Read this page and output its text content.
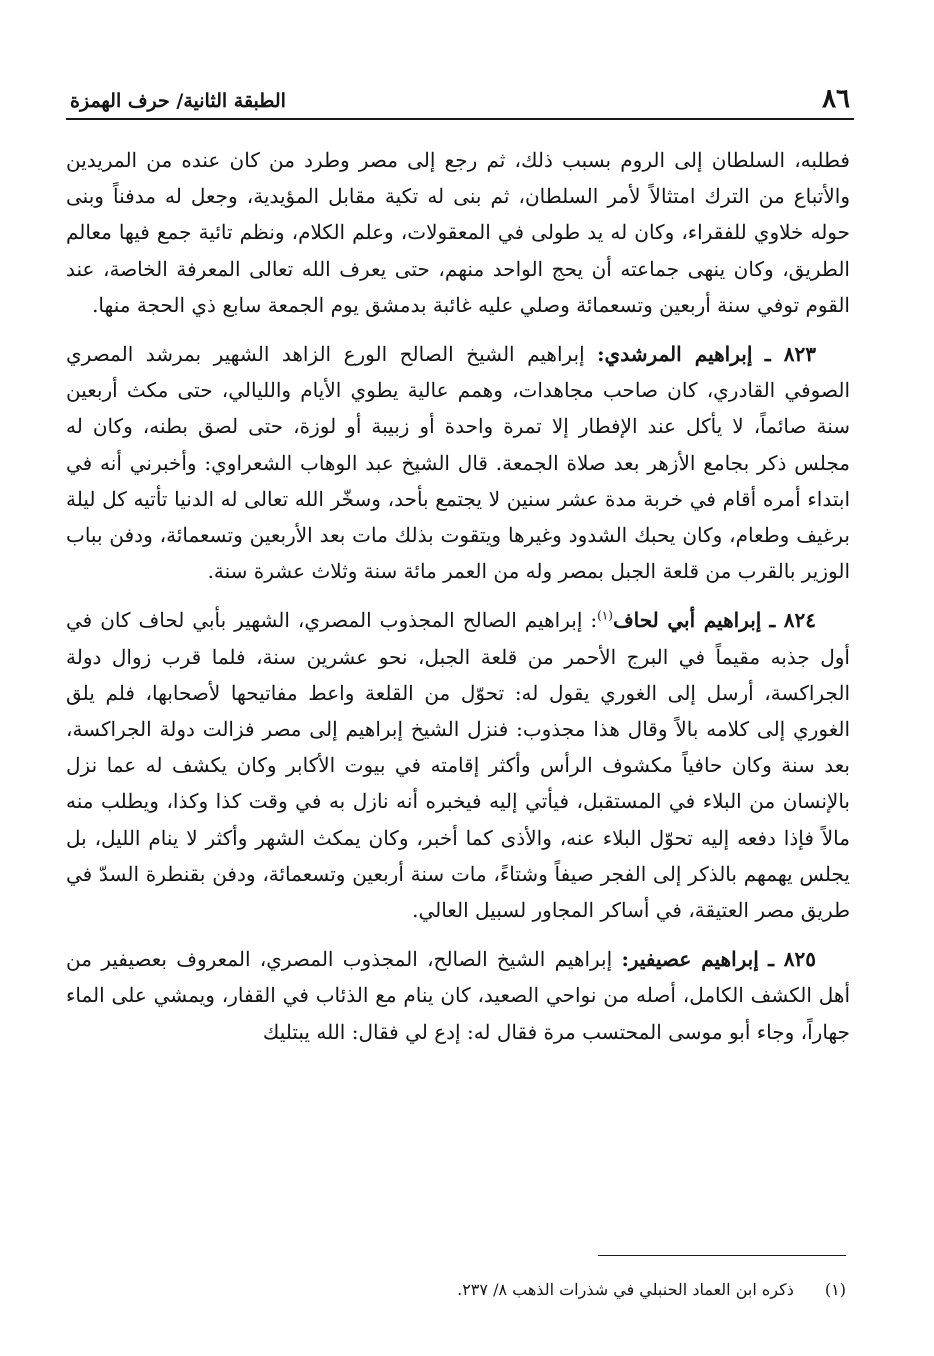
٨٦
الطبقة الثانية/ حرف الهمزة

فطلبه، السلطان إلى الروم بسبب ذلك، ثم رجع إلى مصر وطرد من كان عنده من المريدين والأتباع من الترك امتثالاً لأمر السلطان، ثم بنى له تكية مقابل المؤيدية، وجعل له مدفناً وبنى حوله خلاوي للفقراء، وكان له يد طولى في المعقولات، وعلم الكلام، ونظم تائية جمع فيها معالم الطريق، وكان ينهى جماعته أن يحج الواحد منهم، حتى يعرف الله تعالى المعرفة الخاصة، عند القوم توفي سنة أربعين وتسعمائة وصلي عليه غائبة بدمشق يوم الجمعة سابع ذي الحجة منها.

٨٢٣ ـ إبراهيم المرشدي: إبراهيم الشيخ الصالح الورع الزاهد الشهير بمرشد المصري الصوفي القادري، كان صاحب مجاهدات، وهمم عالية يطوي الأيام والليالي، حتى مكث أربعين سنة صائماً، لا يأكل عند الإفطار إلا تمرة واحدة أو زبيبة أو لوزة، حتى لصق بطنه، وكان له مجلس ذكر بجامع الأزهر بعد صلاة الجمعة. قال الشيخ عبد الوهاب الشعراوي: وأخبرني أنه في ابتداء أمره أقام في خربة مدة عشر سنين لا يجتمع بأحد، وسخّر الله تعالى له الدنيا تأتيه كل ليلة برغيف وطعام، وكان يحبك الشدود وغيرها ويتقوت بذلك مات بعد الأربعين وتسعمائة، ودفن بباب الوزير بالقرب من قلعة الجبل بمصر وله من العمر مائة سنة وثلاث عشرة سنة.

٨٢٤ ـ إبراهيم أبي لحاف$^{(١)}$: إبراهيم الصالح المجذوب المصري، الشهير بأبي لحاف كان في أول جذبه مقيماً في البرج الأحمر من قلعة الجبل، نحو عشرين سنة، فلما قرب زوال دولة الجراكسة، أرسل إلى الغوري يقول له: تحوّل من القلعة واعط مفاتيحها لأصحابها، فلم يلق الغوري إلى كلامه بالاً وقال هذا مجذوب: فنزل الشيخ إبراهيم إلى مصر فزالت دولة الجراكسة، بعد سنة وكان حافياً مكشوف الرأس وأكثر إقامته في بيوت الأكابر وكان يكشف له عما نزل بالإنسان من البلاء في المستقبل، فيأتي إليه فيخبره أنه نازل به في وقت كذا وكذا، ويطلب منه مالاً فإذا دفعه إليه تحوّل البلاء عنه، والأذى كما أخبر، وكان يمكث الشهر وأكثر لا ينام الليل، بل يجلس يهمهم بالذكر إلى الفجر صيفاً وشتاءً، مات سنة أربعين وتسعمائة، ودفن بقنطرة السدّ في طريق مصر العتيقة، في أساكر المجاور لسبيل العالي.

٨٢٥ ـ إبراهيم عصيفير: إبراهيم الشيخ الصالح، المجذوب المصري، المعروف بعصيفير من أهل الكشف الكامل، أصله من نواحي الصعيد، كان ينام مع الذئاب في القفار، ويمشي على الماء جهاراً، وجاء أبو موسى المحتسب مرة فقال له: إدع لي فقال: الله يبتليك

(١) ذكره ابن العماد الحنبلي في شذرات الذهب ٨/ ٢٣٧.
